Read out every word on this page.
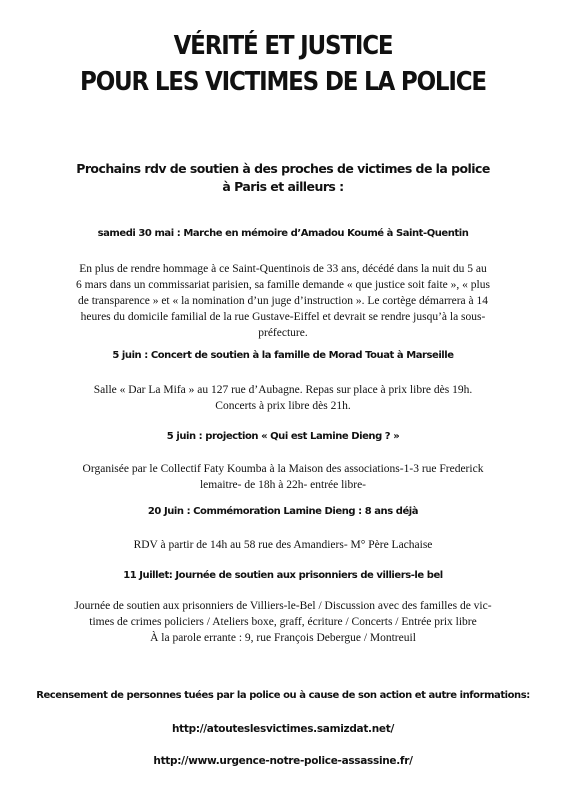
VÉRITÉ ET JUSTICE
POUR LES VICTIMES DE LA POLICE
Prochains rdv de soutien à des proches de victimes de la police
à Paris et ailleurs :
samedi 30 mai : Marche en mémoire d’Amadou Koumé à Saint-Quentin
En plus de rendre hommage à ce Saint-Quentinois de 33 ans, décédé dans la nuit du 5 au
6 mars dans un commissariat parisien, sa famille demande « que justice soit faite », « plus
de transparence » et « la nomination d’un juge d’instruction ». Le cortège démarrera à 14
heures du domicile familial de la rue Gustave-Eiffel et devrait se rendre jusqu’à la sous-
préfecture.
5 juin : Concert de soutien à la famille de Morad Touat à Marseille
Salle « Dar La Mifa » au 127 rue d’Aubagne. Repas sur place à prix libre dès 19h.
Concerts à prix libre dès 21h.
5 juin : projection « Qui est Lamine Dieng ? »
Organisée par le Collectif Faty Koumba à la Maison des associations-1-3 rue Frederick
lemaitre- de 18h à 22h- entrée libre-
20 Juin : Commémoration Lamine Dieng : 8 ans déjà
RDV à partir de 14h au 58 rue des Amandiers- M° Père Lachaise
11 Juillet: Journée de soutien aux prisonniers de villiers-le bel
Journée de soutien aux prisonniers de Villiers-le-Bel / Discussion avec des familles de vic-
times de crimes policiers / Ateliers boxe, graff, écriture / Concerts / Entrée prix libre
À la parole errante : 9, rue François Debergue / Montreuil
Recensement de personnes tuées par la police ou à cause de son action et autre informations:
http://atouteslesvictimes.samizdat.net/
http://www.urgence-notre-police-assassine.fr/
